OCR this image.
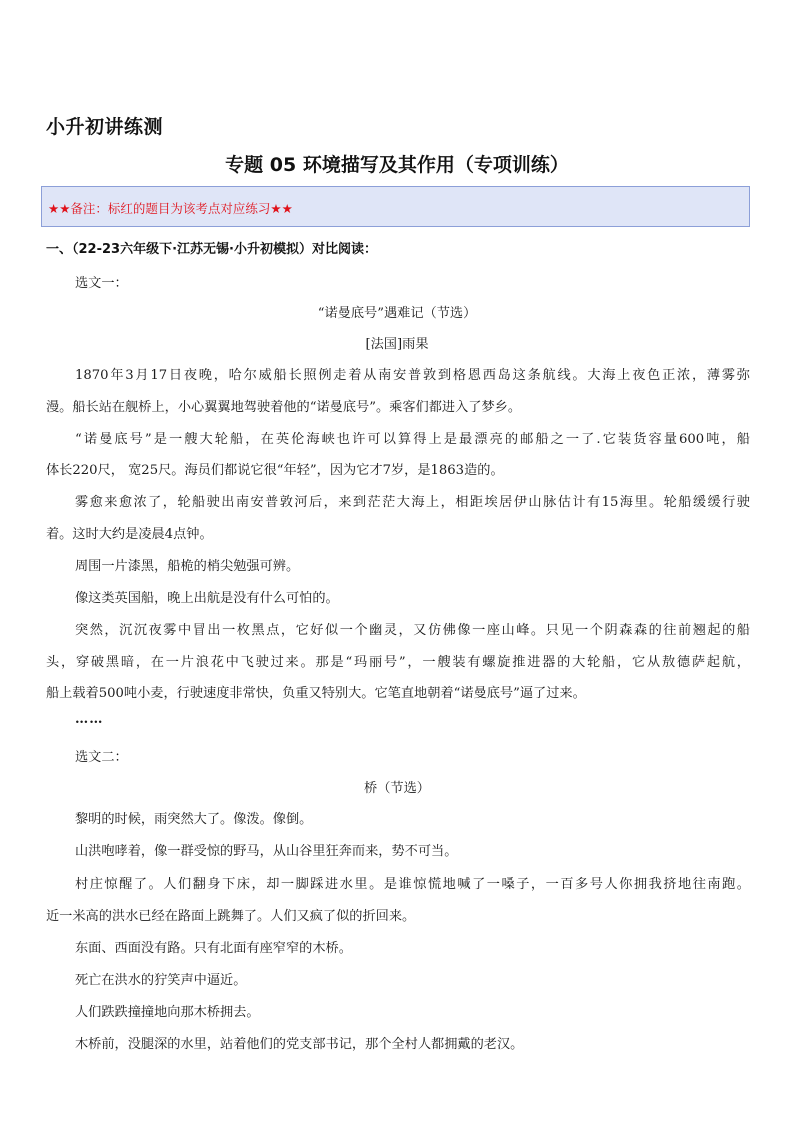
小升初讲练测
专题 05 环境描写及其作用（专项训练）
★★备注：标红的题目为该考点对应练习★★
一、（22-23六年级下·江苏无锡·小升初模拟）对比阅读：
选文一：
“诺曼底号”遇难记（节选）
[法国]雨果
1870年3月17日夜晚，哈尔威船长照例走着从南安普敦到格恩西岛这条航线。大海上夜色正浓，薄雾弥
漫。船长站在舰桥上，小心翼翼地驾驶着他的“诺曼底号”。乘客们都进入了梦乡。
“诺曼底号”是一艘大轮船，在英伦海峡也许可以算得上是最漂亮的邮船之一了.它装货容量600吨，船
体长220尺， 宽25尺。海员们都说它很“年轻”，因为它才7岁，是1863造的。
雾愈来愈浓了，轮船驶出南安普敦河后，来到茫茫大海上，相距埃居伊山脉估计有15海里。轮船缓缓行驶
着。这时大约是凌晨4点钟。
周围一片漆黑，船桅的梢尖勉强可辨。
像这类英国船，晚上出航是没有什么可怕的。
突然，沉沉夜雾中冒出一枚黑点，它好似一个幽灵，又仿佛像一座山峰。只见一个阴森森的往前翘起的船
头，穿破黑暗，在一片浪花中飞驶过来。那是“玛丽号”，一艘装有螺旋推进器的大轮船，它从敖德萨起航，
船上载着500吨小麦，行驶速度非常快，负重又特别大。它笔直地朝着“诺曼底号”逼了过来。
……
选文二：
桥（节选）
黎明的时候，雨突然大了。像泼。像倒。
山洪咆哮着，像一群受惊的野马，从山谷里狂奔而来，势不可当。
村庄惊醒了。人们翻身下床，却一脚踩进水里。是谁惊慌地喊了一嗓子，一百多号人你拥我挤地往南跑。
近一米高的洪水已经在路面上跳舞了。人们又疯了似的折回来。
东面、西面没有路。只有北面有座窄窄的木桥。
死亡在洪水的狞笑声中逼近。
人们跌跌撞撞地向那木桥拥去。
木桥前，没腿深的水里，站着他们的党支部书记，那个全村人都拥戴的老汉。
